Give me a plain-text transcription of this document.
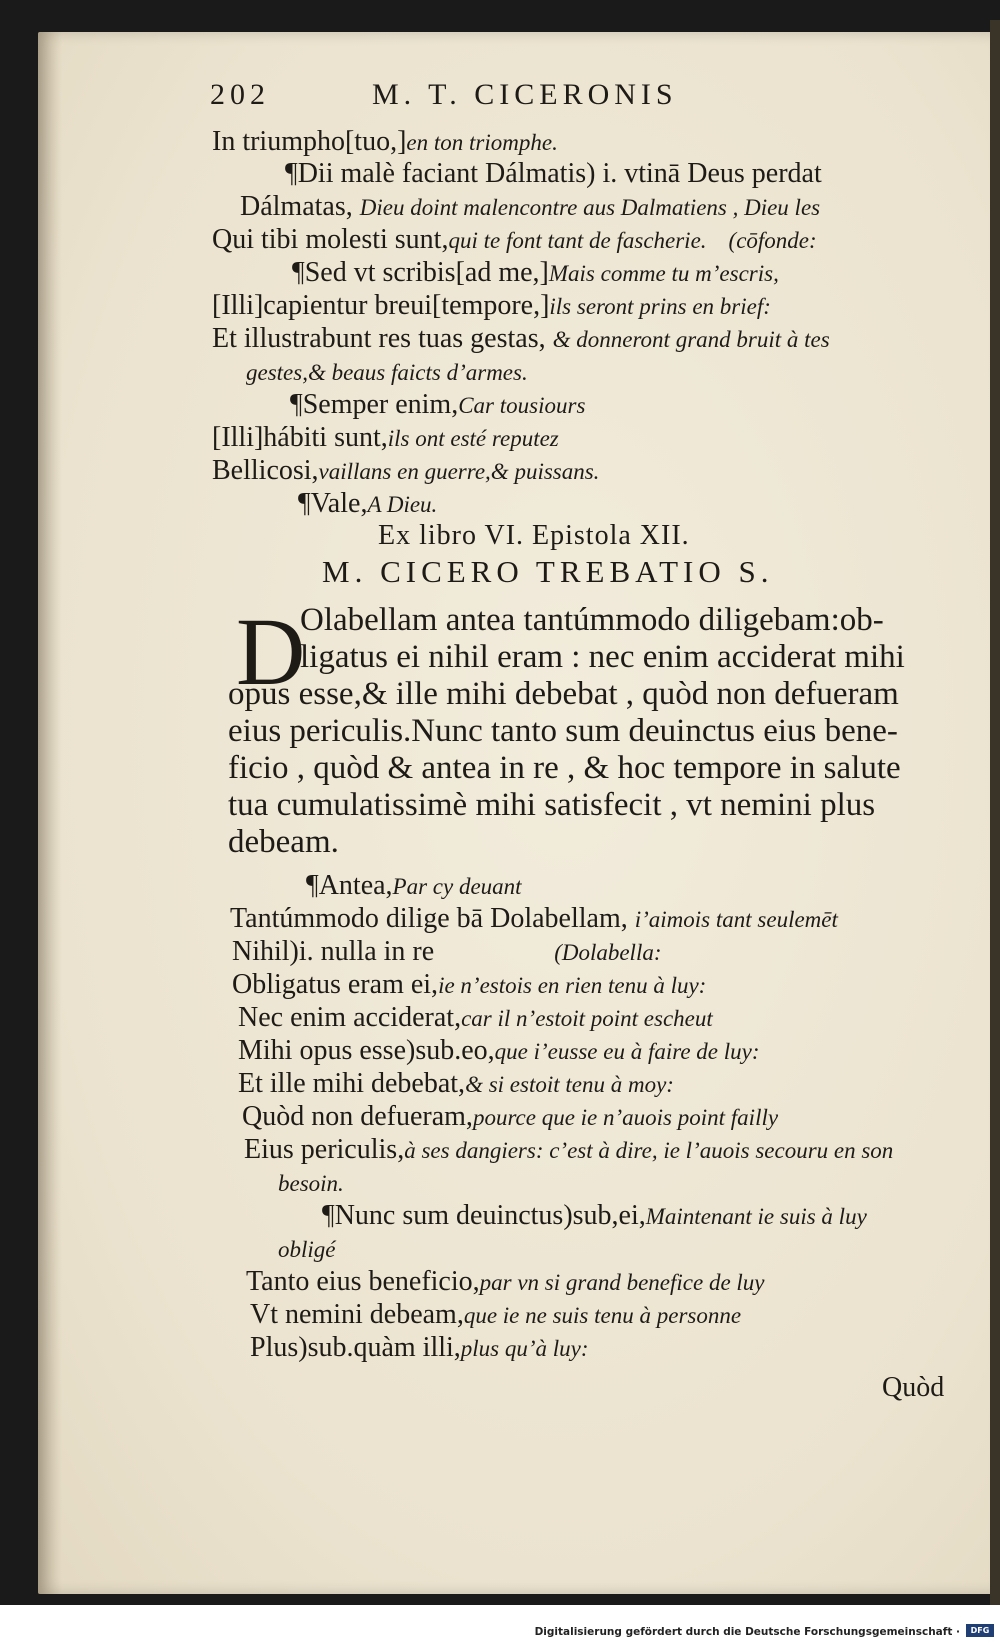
202	M. T. CICERONIS
In triumpho[tuo,]en ton triomphe.
¶Dii malè faciant Dálmatis) i. vtinā Deus perdat
Dálmatas, Dieu doint malencontre aus Dalmatiens , Dieu les
Qui tibi molesti sunt,qui te font tant de fascherie. (cōfonde:
¶Sed vt scribis[ad me,]Mais comme tu m’escris,
[Illi]capientur breui[tempore,]ils seront prins en brief:
Et illustrabunt res tuas gestas, & donneront grand bruit à tes
gestes,& beaus faicts d’armes.
¶Semper enim,Car tousiours
[Illi]hábiti sunt,ils ont esté reputez
Bellicosi,vaillans en guerre,& puissans.
¶Vale,A Dieu.
Ex libro VI. Epistola XII.
M. CICERO TREBATIO S.
D
Olabellam antea tantúmmodo diligebam:ob-
ligatus ei nihil eram : nec enim acciderat mihi
opus esse,& ille mihi debebat , quòd non defueram
eius periculis.Nunc tanto sum deuinctus eius bene-
ficio , quòd & antea in re , & hoc tempore in salute
tua cumulatissimè mihi satisfecit , vt nemini plus
debeam.
¶Antea,Par cy deuant
Tantúmmodo dilige bā Dolabellam, i’aimois tant seulemēt
Nihil)i. nulla in re	(Dolabella:
Obligatus eram ei,ie n’estois en rien tenu à luy:
Nec enim acciderat,car il n’estoit point escheut
Mihi opus esse)sub.eo,que i’eusse eu à faire de luy:
Et ille mihi debebat,& si estoit tenu à moy:
Quòd non defueram,pource que ie n’auois point failly
Eius periculis,à ses dangiers: c’est à dire, ie l’auois secouru en son
besoin.
¶Nunc sum deuinctus)sub,ei,Maintenant ie suis à luy
obligé
Tanto eius beneficio,par vn si grand benefice de luy
Vt nemini debeam,que ie ne suis tenu à personne
Plus)sub.quàm illi,plus qu’à luy:
Quòd
Digitalisierung gefördert durch die Deutsche Forschungsgemeinschaft ·	DFG
